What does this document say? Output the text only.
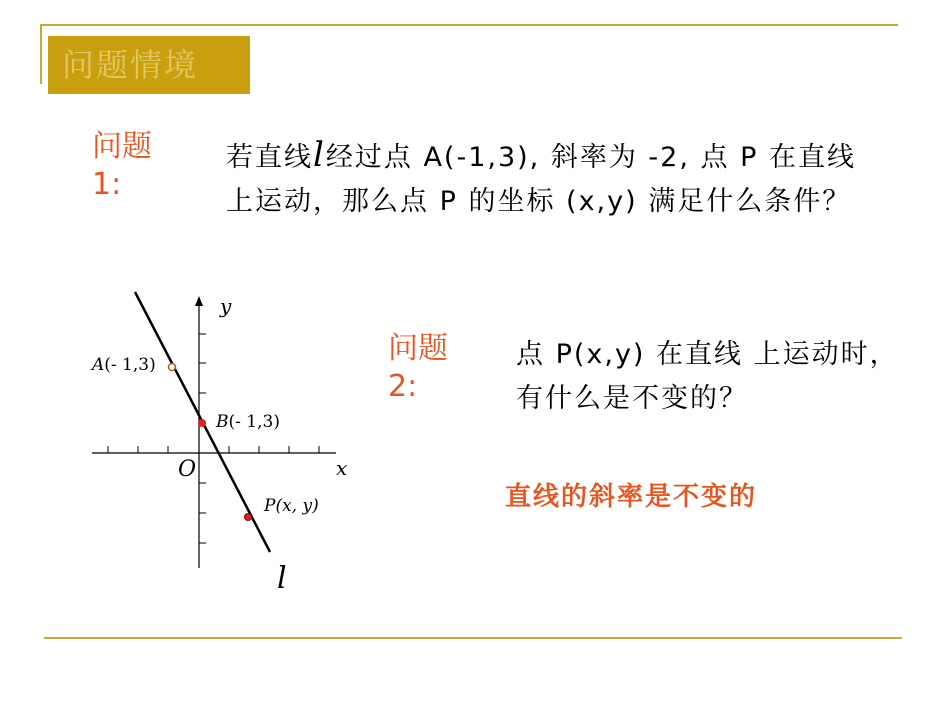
问题情境
问题1:
若直线l经过点 A(-1,3), 斜率为 -2, 点 P 在直线 上运动，那么点 P 的坐标 (x,y) 满足什么条件？
问题2:
点 P(x,y) 在直线 上运动时，有什么是不变的？
直线的斜率是不变的
y
x
O
l
A(- 1,3)
B(- 1,3)
P(x, y)
